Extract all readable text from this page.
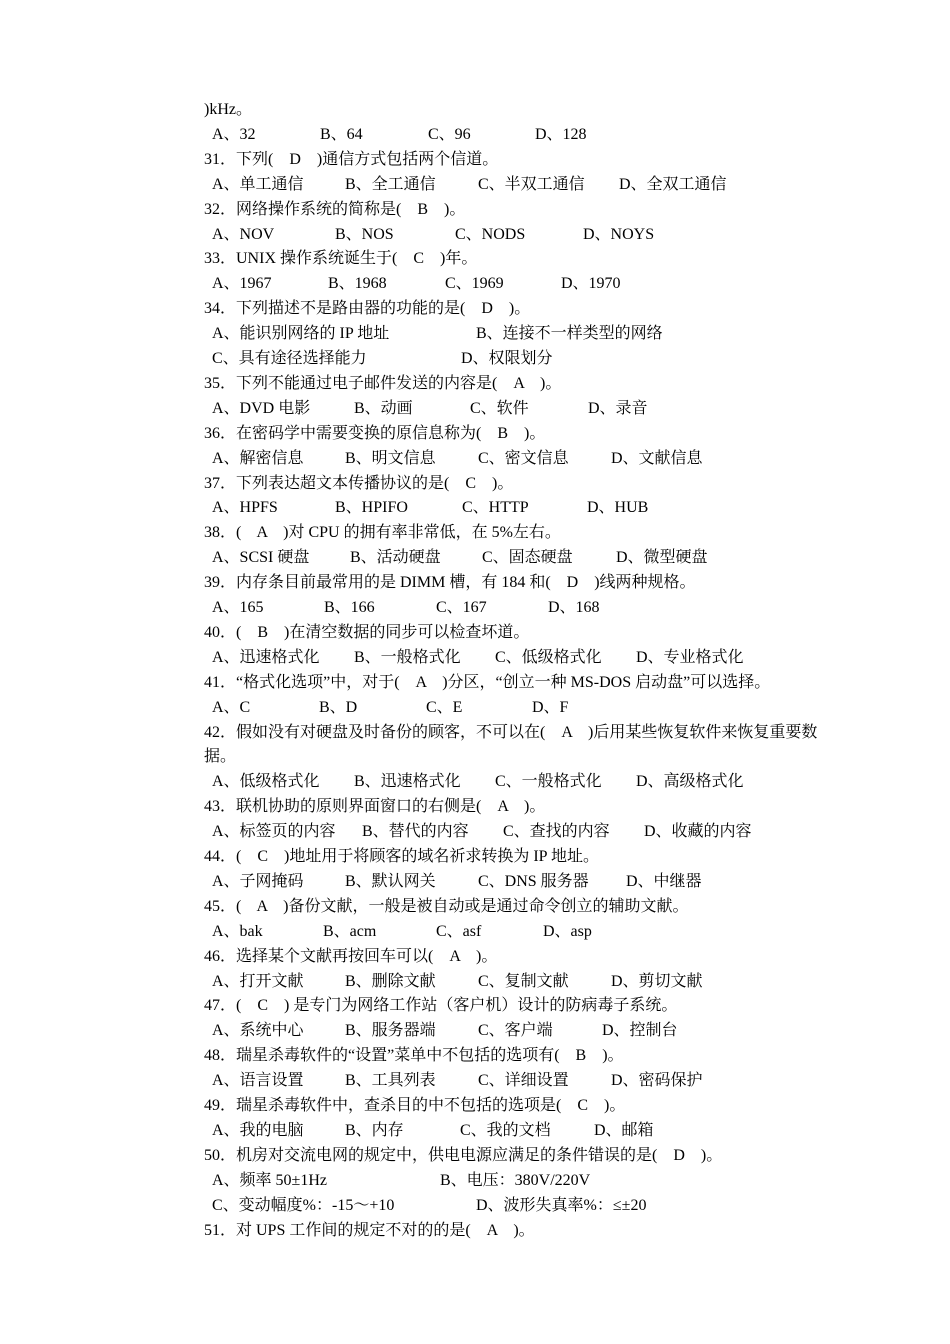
)kHz。
A、32	B、64	C、96	D、128
31．下列(    D    )通信方式包括两个信道。
A、单工通信	B、全工通信	C、半双工通信 D、全双工通信
32．网络操作系统的简称是(    B    )。
A、NOV	B、NOS	C、NODS	D、NOYS
33．UNIX 操作系统诞生于(    C    )年。
A、1967	B、1968	C、1969	D、1970
34．下列描述不是路由器的功能的是(    D    )。
A、能识别网络的 IP 地址	B、连接不一样类型的网络
C、具有途径选择能力	D、权限划分
35．下列不能通过电子邮件发送的内容是(    A    )。
A、DVD 电影	B、动画	C、软件	D、录音
36．在密码学中需要变换的原信息称为(    B    )。
A、解密信息	B、明文信息	C、密文信息	D、文献信息
37．下列表达超文本传播协议的是(    C    )。
A、HPFS	B、HPIFO	C、HTTP	D、HUB
38．(    A    )对 CPU 的拥有率非常低，在 5%左右。
A、SCSI 硬盘	B、活动硬盘	C、固态硬盘	D、微型硬盘
39．内存条目前最常用的是 DIMM 槽，有 184 和(    D    )线两种规格。
A、165	B、166	C、167	D、168
40．(    B    )在清空数据的同步可以检查坏道。
A、迅速格式化 B、一般格式化 C、低级格式化 D、专业格式化
41．“格式化选项”中，对于(    A    )分区，“创立一种 MS-DOS 启动盘”可以选择。
A、C	B、D	C、E	D、F
42．假如没有对硬盘及时备份的顾客，不可以在(    A    )后用某些恢复软件来恢复重要数
据。
A、低级格式化 B、迅速格式化 C、一般格式化 D、高级格式化
43．联机协助的原则界面窗口的右侧是(    A    )。
A、标签页的内容 B、替代的内容 C、查找的内容 D、收藏的内容
44．(    C    )地址用于将顾客的域名祈求转换为 IP 地址。
A、子网掩码	B、默认网关	C、DNS 服务器 D、中继器
45．(    A    )备份文献，一般是被自动或是通过命令创立的辅助文献。
A、bak	B、acm	C、asf	D、asp
46．选择某个文献再按回车可以(    A    )。
A、打开文献	B、删除文献	C、复制文献	D、剪切文献
47．(    C    ) 是专门为网络工作站（客户机）设计的防病毒子系统。
A、系统中心	B、服务器端	C、客户端	D、控制台
48．瑞星杀毒软件的“设置”菜单中不包括的选项有(    B    )。
A、语言设置	B、工具列表	C、详细设置	D、密码保护
49．瑞星杀毒软件中，查杀目的中不包括的选项是(    C    )。
A、我的电脑	B、内存	C、我的文档	D、邮箱
50．机房对交流电网的规定中，供电电源应满足的条件错误的是(    D    )。
A、频率 50±1Hz	B、电压：380V/220V
C、变动幅度%：-15～+10	D、波形失真率%：≤±20
51．对 UPS 工作间的规定不对的的是(    A    )。
